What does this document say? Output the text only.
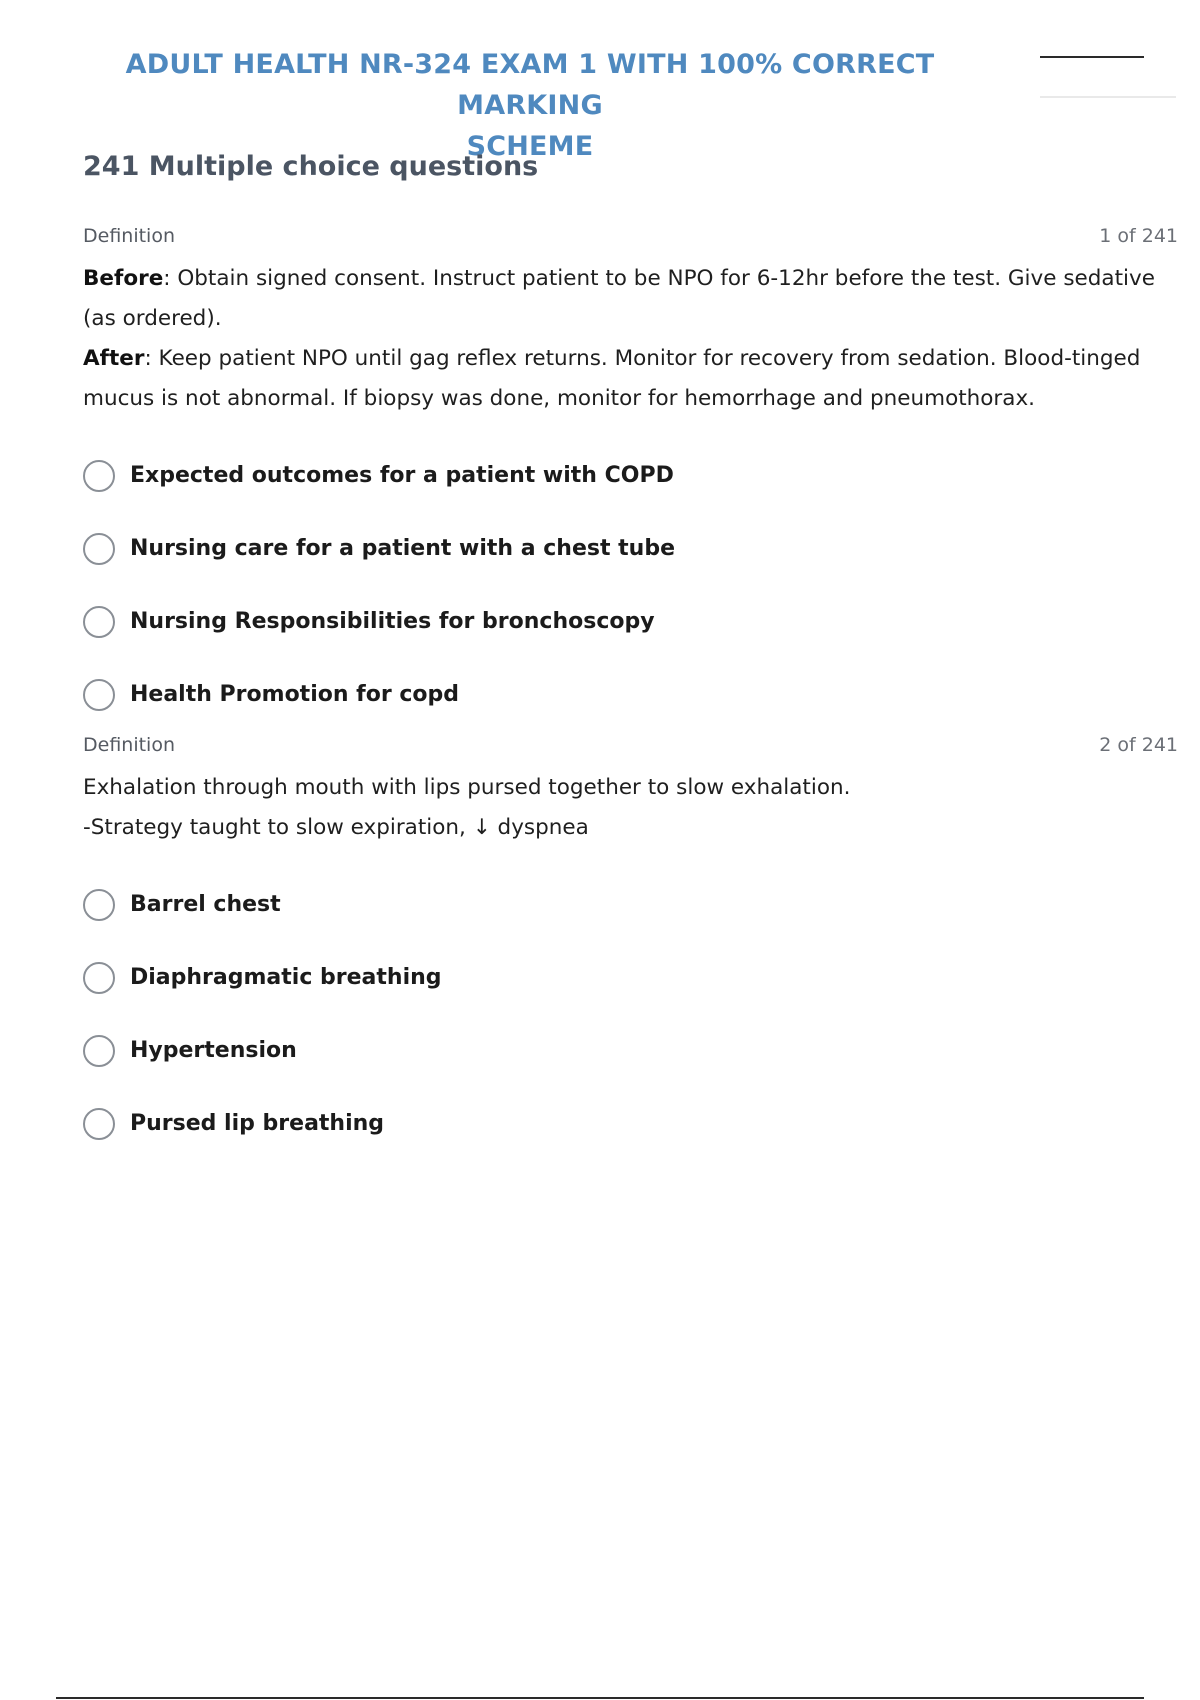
ADULT HEALTH NR-324 EXAM 1 WITH 100% CORRECT MARKING
SCHEME
241 Multiple choice questions
Definition	1 of 241

Before: Obtain signed consent. Instruct patient to be NPO for 6-12hr before the test. Give sedative (as ordered).

After: Keep patient NPO until gag reflex returns. Monitor for recovery from sedation. Blood-tinged mucus is not abnormal. If biopsy was done, monitor for hemorrhage and pneumothorax.

Expected outcomes for a patient with COPD
Nursing care for a patient with a chest tube
Nursing Responsibilities for bronchoscopy
Health Promotion for copd
Definition	2 of 241

Exhalation through mouth with lips pursed together to slow exhalation.

-Strategy taught to slow expiration, ↓ dyspnea

Barrel chest
Diaphragmatic breathing
Hypertension
Pursed lip breathing
